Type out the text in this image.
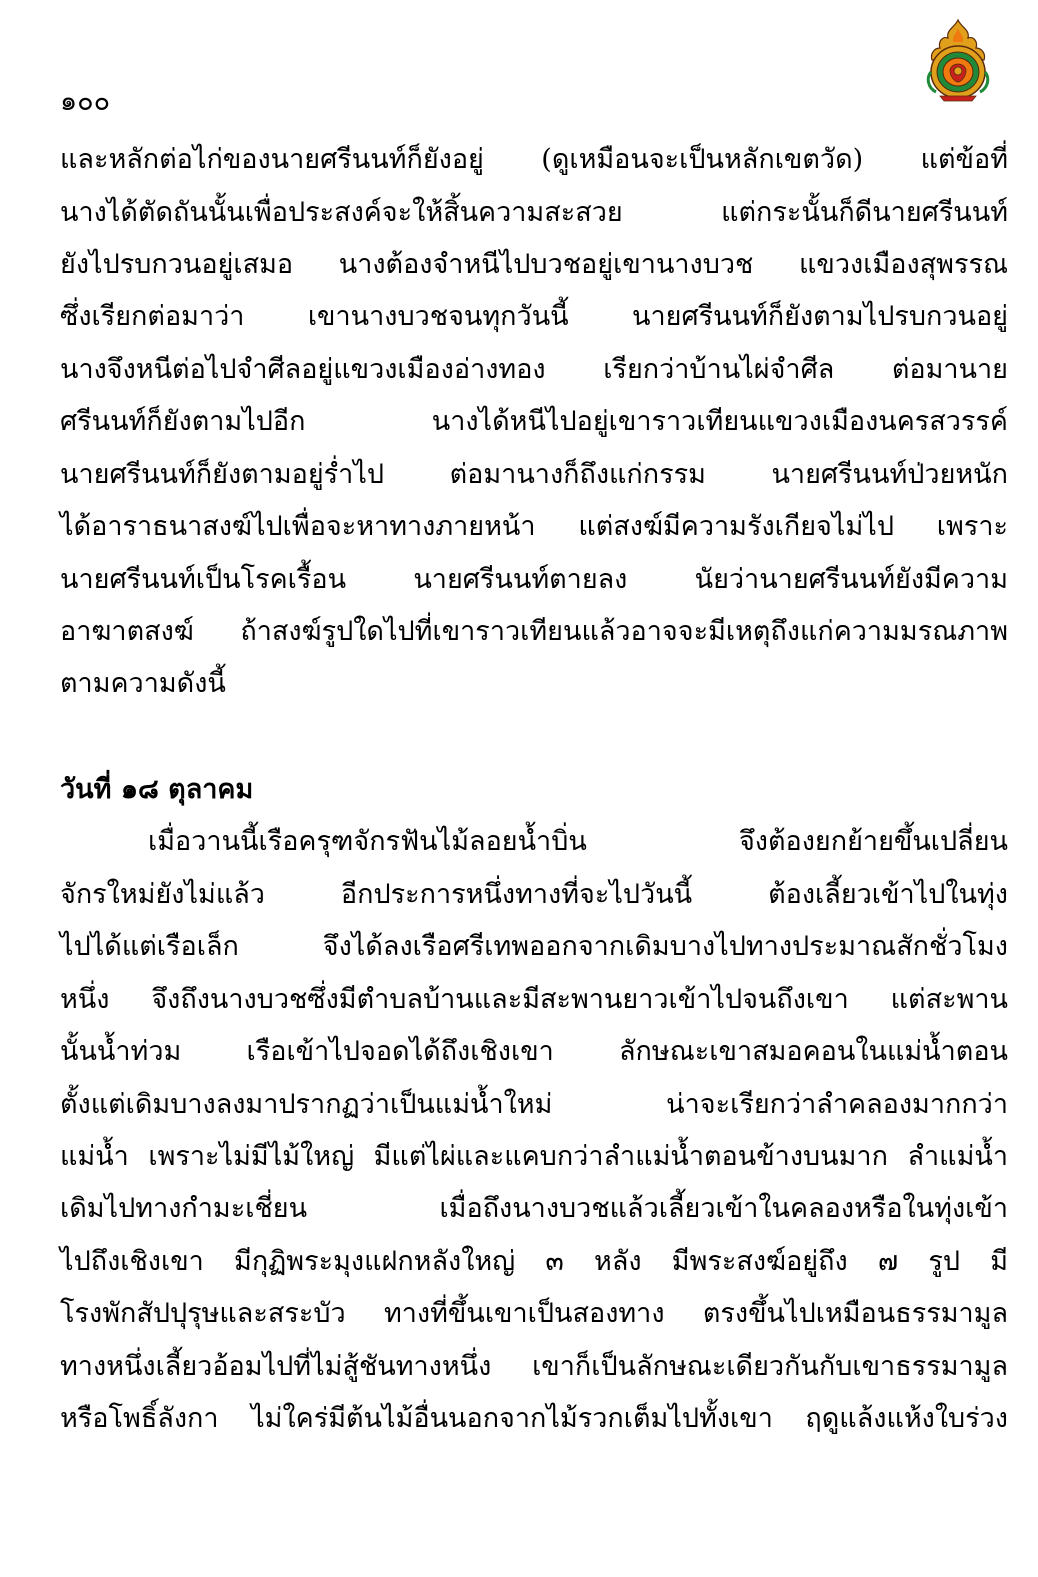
๑๐๐
และหลักต่อไก่ของนายศรีนนท์ก็ยังอยู่ (ดูเหมือนจะเป็นหลักเขตวัด) แต่ข้อที่
นางได้ตัดถันนั้นเพื่อประสงค์จะให้สิ้นความสะสวย แต่กระนั้นก็ดีนายศรีนนท์
ยังไปรบกวนอยู่เสมอ นางต้องจำหนีไปบวชอยู่เขานางบวช แขวงเมืองสุพรรณ
ซึ่งเรียกต่อมาว่า เขานางบวชจนทุกวันนี้ นายศรีนนท์ก็ยังตามไปรบกวนอยู่
นางจึงหนีต่อไปจำศีลอยู่แขวงเมืองอ่างทอง เรียกว่าบ้านไผ่จำศีล ต่อมานาย
ศรีนนท์ก็ยังตามไปอีก นางได้หนีไปอยู่เขาราวเทียนแขวงเมืองนครสวรรค์
นายศรีนนท์ก็ยังตามอยู่ร่ำไป ต่อมานางก็ถึงแก่กรรม นายศรีนนท์ป่วยหนัก
ได้อาราธนาสงฆ์ไปเพื่อจะหาทางภายหน้า แต่สงฆ์มีความรังเกียจไม่ไป เพราะ
นายศรีนนท์เป็นโรคเรื้อน นายศรีนนท์ตายลง นัยว่านายศรีนนท์ยังมีความ
อาฆาตสงฆ์ ถ้าสงฆ์รูปใดไปที่เขาราวเทียนแล้วอาจจะมีเหตุถึงแก่ความมรณภาพ
ตามความดังนี้
วันที่ ๑๘ ตุลาคม
เมื่อวานนี้เรือครุฑจักรฟันไม้ลอยน้ำบิ่น จึงต้องยกย้ายขึ้นเปลี่ยน
จักรใหม่ยังไม่แล้ว อีกประการหนึ่งทางที่จะไปวันนี้ ต้องเลี้ยวเข้าไปในทุ่ง
ไปได้แต่เรือเล็ก จึงได้ลงเรือศรีเทพออกจากเดิมบางไปทางประมาณสักชั่วโมง
หนึ่ง จึงถึงนางบวชซึ่งมีตำบลบ้านและมีสะพานยาวเข้าไปจนถึงเขา แต่สะพาน
นั้นน้ำท่วม เรือเข้าไปจอดได้ถึงเชิงเขา ลักษณะเขาสมอคอนในแม่น้ำตอน
ตั้งแต่เดิมบางลงมาปรากฏว่าเป็นแม่น้ำใหม่ น่าจะเรียกว่าลำคลองมากกว่า
แม่น้ำ เพราะไม่มีไม้ใหญ่ มีแต่ไผ่และแคบกว่าลำแม่น้ำตอนข้างบนมาก ลำแม่น้ำ
เดิมไปทางกำมะเชี่ยน เมื่อถึงนางบวชแล้วเลี้ยวเข้าในคลองหรือในทุ่งเข้า
ไปถึงเชิงเขา มีกุฏิพระมุงแฝกหลังใหญ่ ๓ หลัง มีพระสงฆ์อยู่ถึง ๗ รูป มี
โรงพักสัปปุรุษและสระบัว ทางที่ขึ้นเขาเป็นสองทาง ตรงขึ้นไปเหมือนธรรมามูล
ทางหนึ่งเลี้ยวอ้อมไปที่ไม่สู้ชันทางหนึ่ง เขาก็เป็นลักษณะเดียวกันกับเขาธรรมามูล
หรือโพธิ์ลังกา ไม่ใคร่มีต้นไม้อื่นนอกจากไม้รวกเต็มไปทั้งเขา ฤดูแล้งแห้งใบร่วง
